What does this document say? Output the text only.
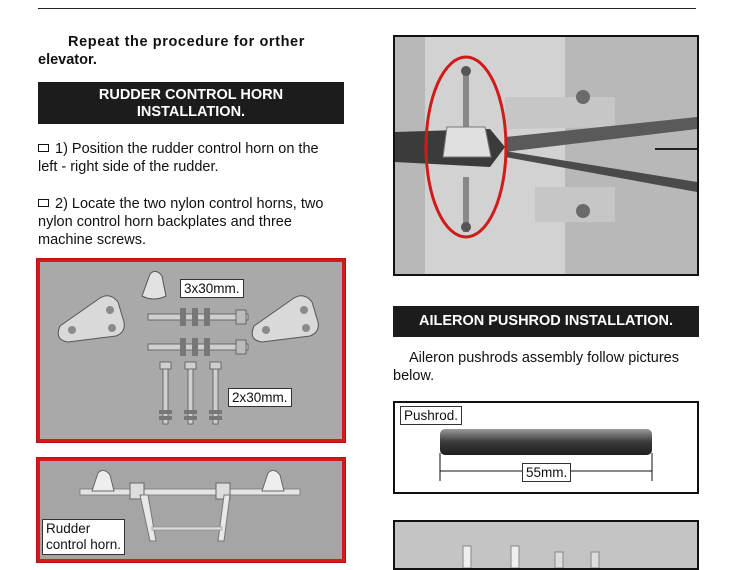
Repeat the procedure for orther

elevator.

RUDDER CONTROL HORN
INSTALLATION.
1) Position the rudder control horn on the
left - right side of the rudder.
2) Locate the two nylon control horns, two
nylon control horn backplates and three
machine screws.
3x30mm.
2x30mm.
Rudder
control horn.
AILERON PUSHROD INSTALLATION.
Aileron pushrods assembly follow pictures
below.
Pushrod.
55mm.
